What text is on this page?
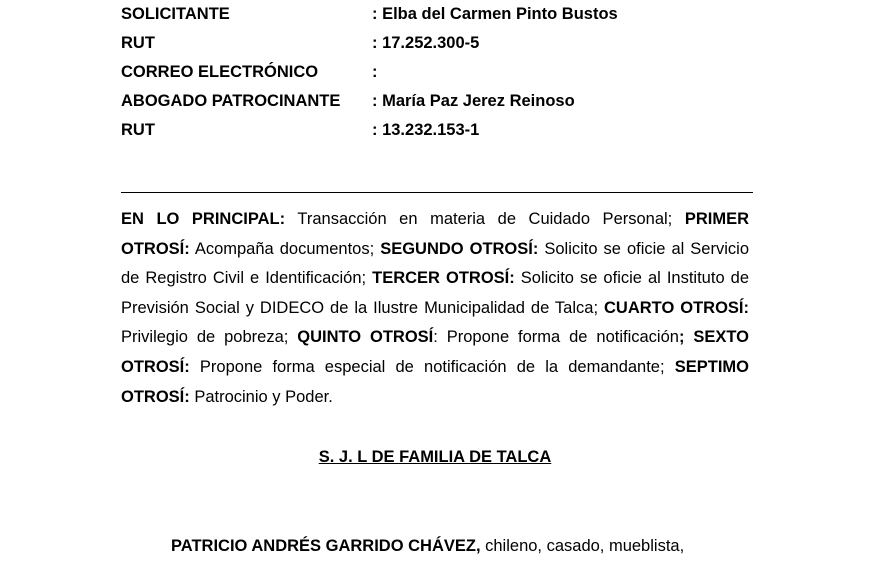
SOLICITANTE	: Elba del Carmen Pinto Bustos
RUT	: 17.252.300-5
CORREO ELECTRÓNICO	:
ABOGADO PATROCINANTE : María Paz Jerez Reinoso
RUT	: 13.232.153-1

EN LO PRINCIPAL: Transacción en materia de Cuidado Personal; PRIMER OTROSÍ: Acompaña documentos; SEGUNDO OTROSÍ: Solicito se oficie al Servicio de Registro Civil e Identificación; TERCER OTROSÍ: Solicito se oficie al Instituto de Previsión Social y DIDECO de la Ilustre Municipalidad de Talca; CUARTO OTROSÍ: Privilegio de pobreza; QUINTO OTROSÍ: Propone forma de notificación; SEXTO OTROSÍ: Propone forma especial de notificación de la demandante; SEPTIMO OTROSÍ: Patrocinio y Poder.

S. J. L DE FAMILIA DE TALCA

PATRICIO ANDRÉS GARRIDO CHÁVEZ, chileno, casado, mueblista,
